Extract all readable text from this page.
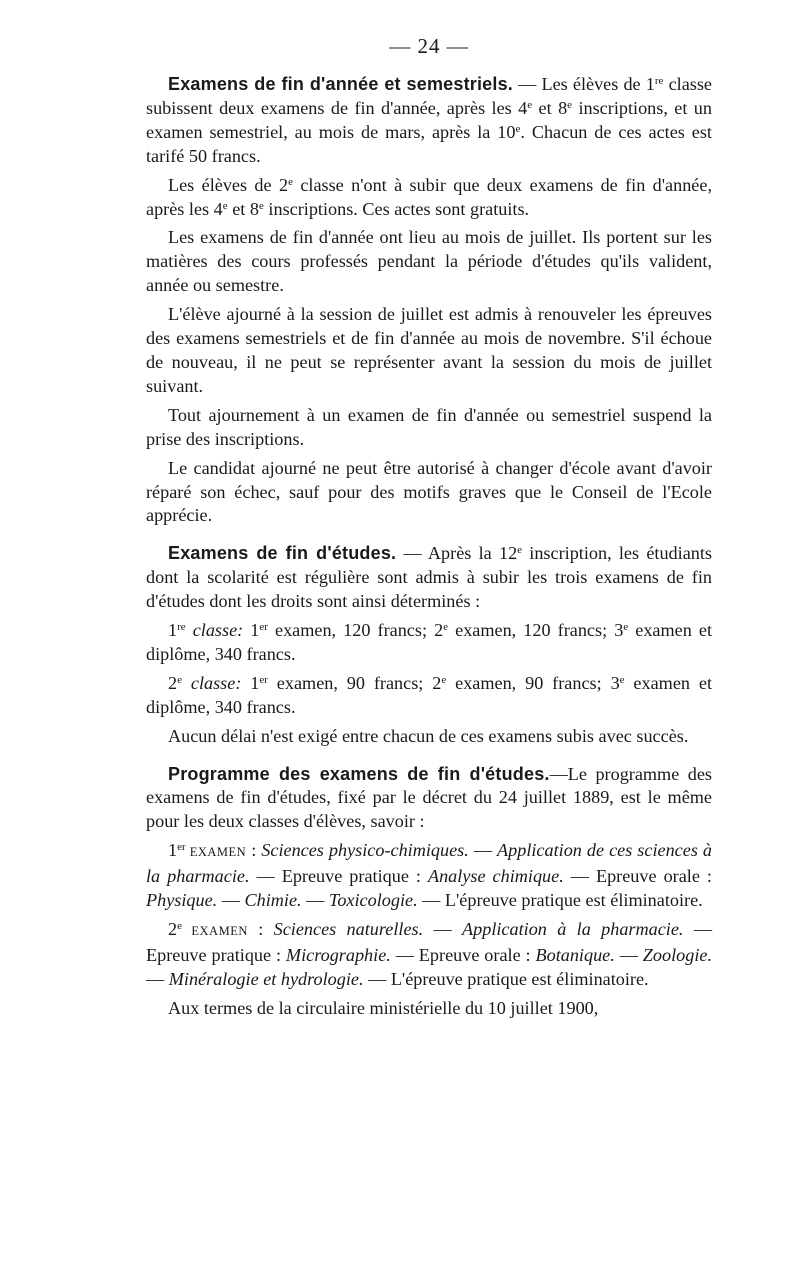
— 24 —

Examens de fin d'année et semestriels. — Les élèves de 1re classe subissent deux examens de fin d'année, après les 4e et 8e inscriptions, et un examen semestriel, au mois de mars, après la 10e. Chacun de ces actes est tarifé 50 francs.

Les élèves de 2e classe n'ont à subir que deux examens de fin d'année, après les 4e et 8e inscriptions. Ces actes sont gratuits.

Les examens de fin d'année ont lieu au mois de juillet. Ils portent sur les matières des cours professés pendant la période d'études qu'ils valident, année ou semestre.

L'élève ajourné à la session de juillet est admis à renouveler les épreuves des examens semestriels et de fin d'année au mois de novembre. S'il échoue de nouveau, il ne peut se représenter avant la session du mois de juillet suivant.

Tout ajournement à un examen de fin d'année ou semestriel suspend la prise des inscriptions.

Le candidat ajourné ne peut être autorisé à changer d'école avant d'avoir réparé son échec, sauf pour des motifs graves que le Conseil de l'Ecole apprécie.

Examens de fin d'études. — Après la 12e inscription, les étudiants dont la scolarité est régulière sont admis à subir les trois examens de fin d'études dont les droits sont ainsi déterminés :

1re classe: 1er examen, 120 francs; 2e examen, 120 francs; 3e examen et diplôme, 340 francs.

2e classe: 1er examen, 90 francs; 2e examen, 90 francs; 3e examen et diplôme, 340 francs.

Aucun délai n'est exigé entre chacun de ces examens subis avec succès.

Programme des examens de fin d'études.—Le programme des examens de fin d'études, fixé par le décret du 24 juillet 1889, est le même pour les deux classes d'élèves, savoir :

1er EXAMEN : Sciences physico-chimiques. — Application de ces sciences à la pharmacie. — Epreuve pratique : Analyse chimique. — Epreuve orale : Physique. — Chimie. — Toxicologie. — L'épreuve pratique est éliminatoire.

2e EXAMEN : Sciences naturelles. — Application à la pharmacie. — Epreuve pratique : Micrographie. — Epreuve orale : Botanique. — Zoologie. — Minéralogie et hydrologie. — L'épreuve pratique est éliminatoire.

Aux termes de la circulaire ministérielle du 10 juillet 1900,
